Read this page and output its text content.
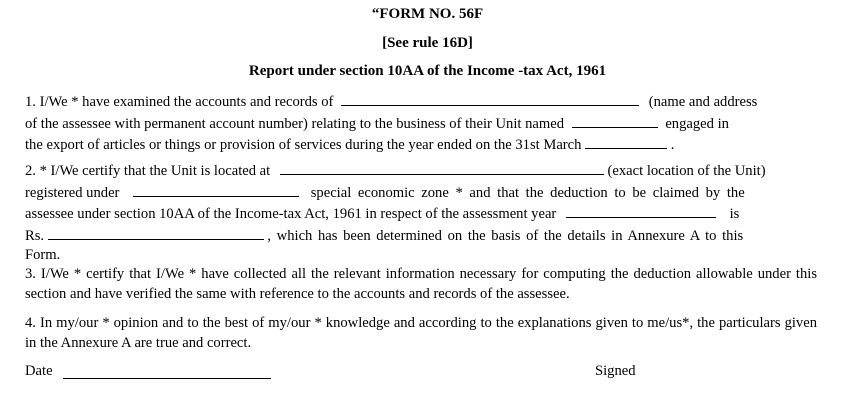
“FORM NO. 56F
[See rule 16D]
Report under section 10AA of the Income -tax Act, 1961
1. I/We * have examined the accounts and records of	(name and address
of the assessee with permanent account number) relating to the business of their Unit named	engaged in
the export of articles or things or provision of services during the year ended on the 31st March	.
2. * I/We certify that the Unit is located at	(exact location of the Unit)
registered under	special economic zone * and that the deduction to be claimed by the
assessee under section 10AA of the Income-tax Act, 1961 in respect of the assessment year	is
Rs.	, which has been determined on the basis of the details in Annexure A to this
Form.
3. I/We * certify that I/We * have collected all the relevant information necessary for computing the deduction allowable under this section and have verified the same with reference to the accounts and records of the assessee.
4. In my/our * opinion and to the best of my/our * knowledge and according to the explanations given to me/us*, the particulars given in the Annexure A are true and correct.
Date	Signed
